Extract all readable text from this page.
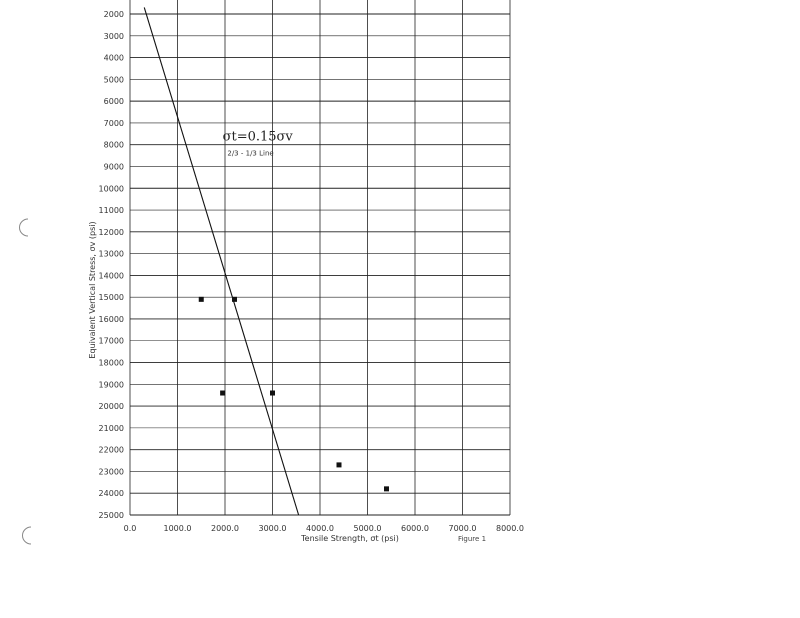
2000
3000
4000
5000
6000
7000
8000
9000
10000
11000
12000
13000
14000
15000
16000
17000
18000
19000
20000
21000
22000
23000
24000
25000
0.0	1000.0 2000.0 3000.0 4000.0 5000.0 6000.0 7000.0 8000.0
Equivalent Vertical Stress, σv (psi)
Tensile Strength, σt (psi)
σt=0.15σv
2/3 - 1/3 Line
Figure 1
